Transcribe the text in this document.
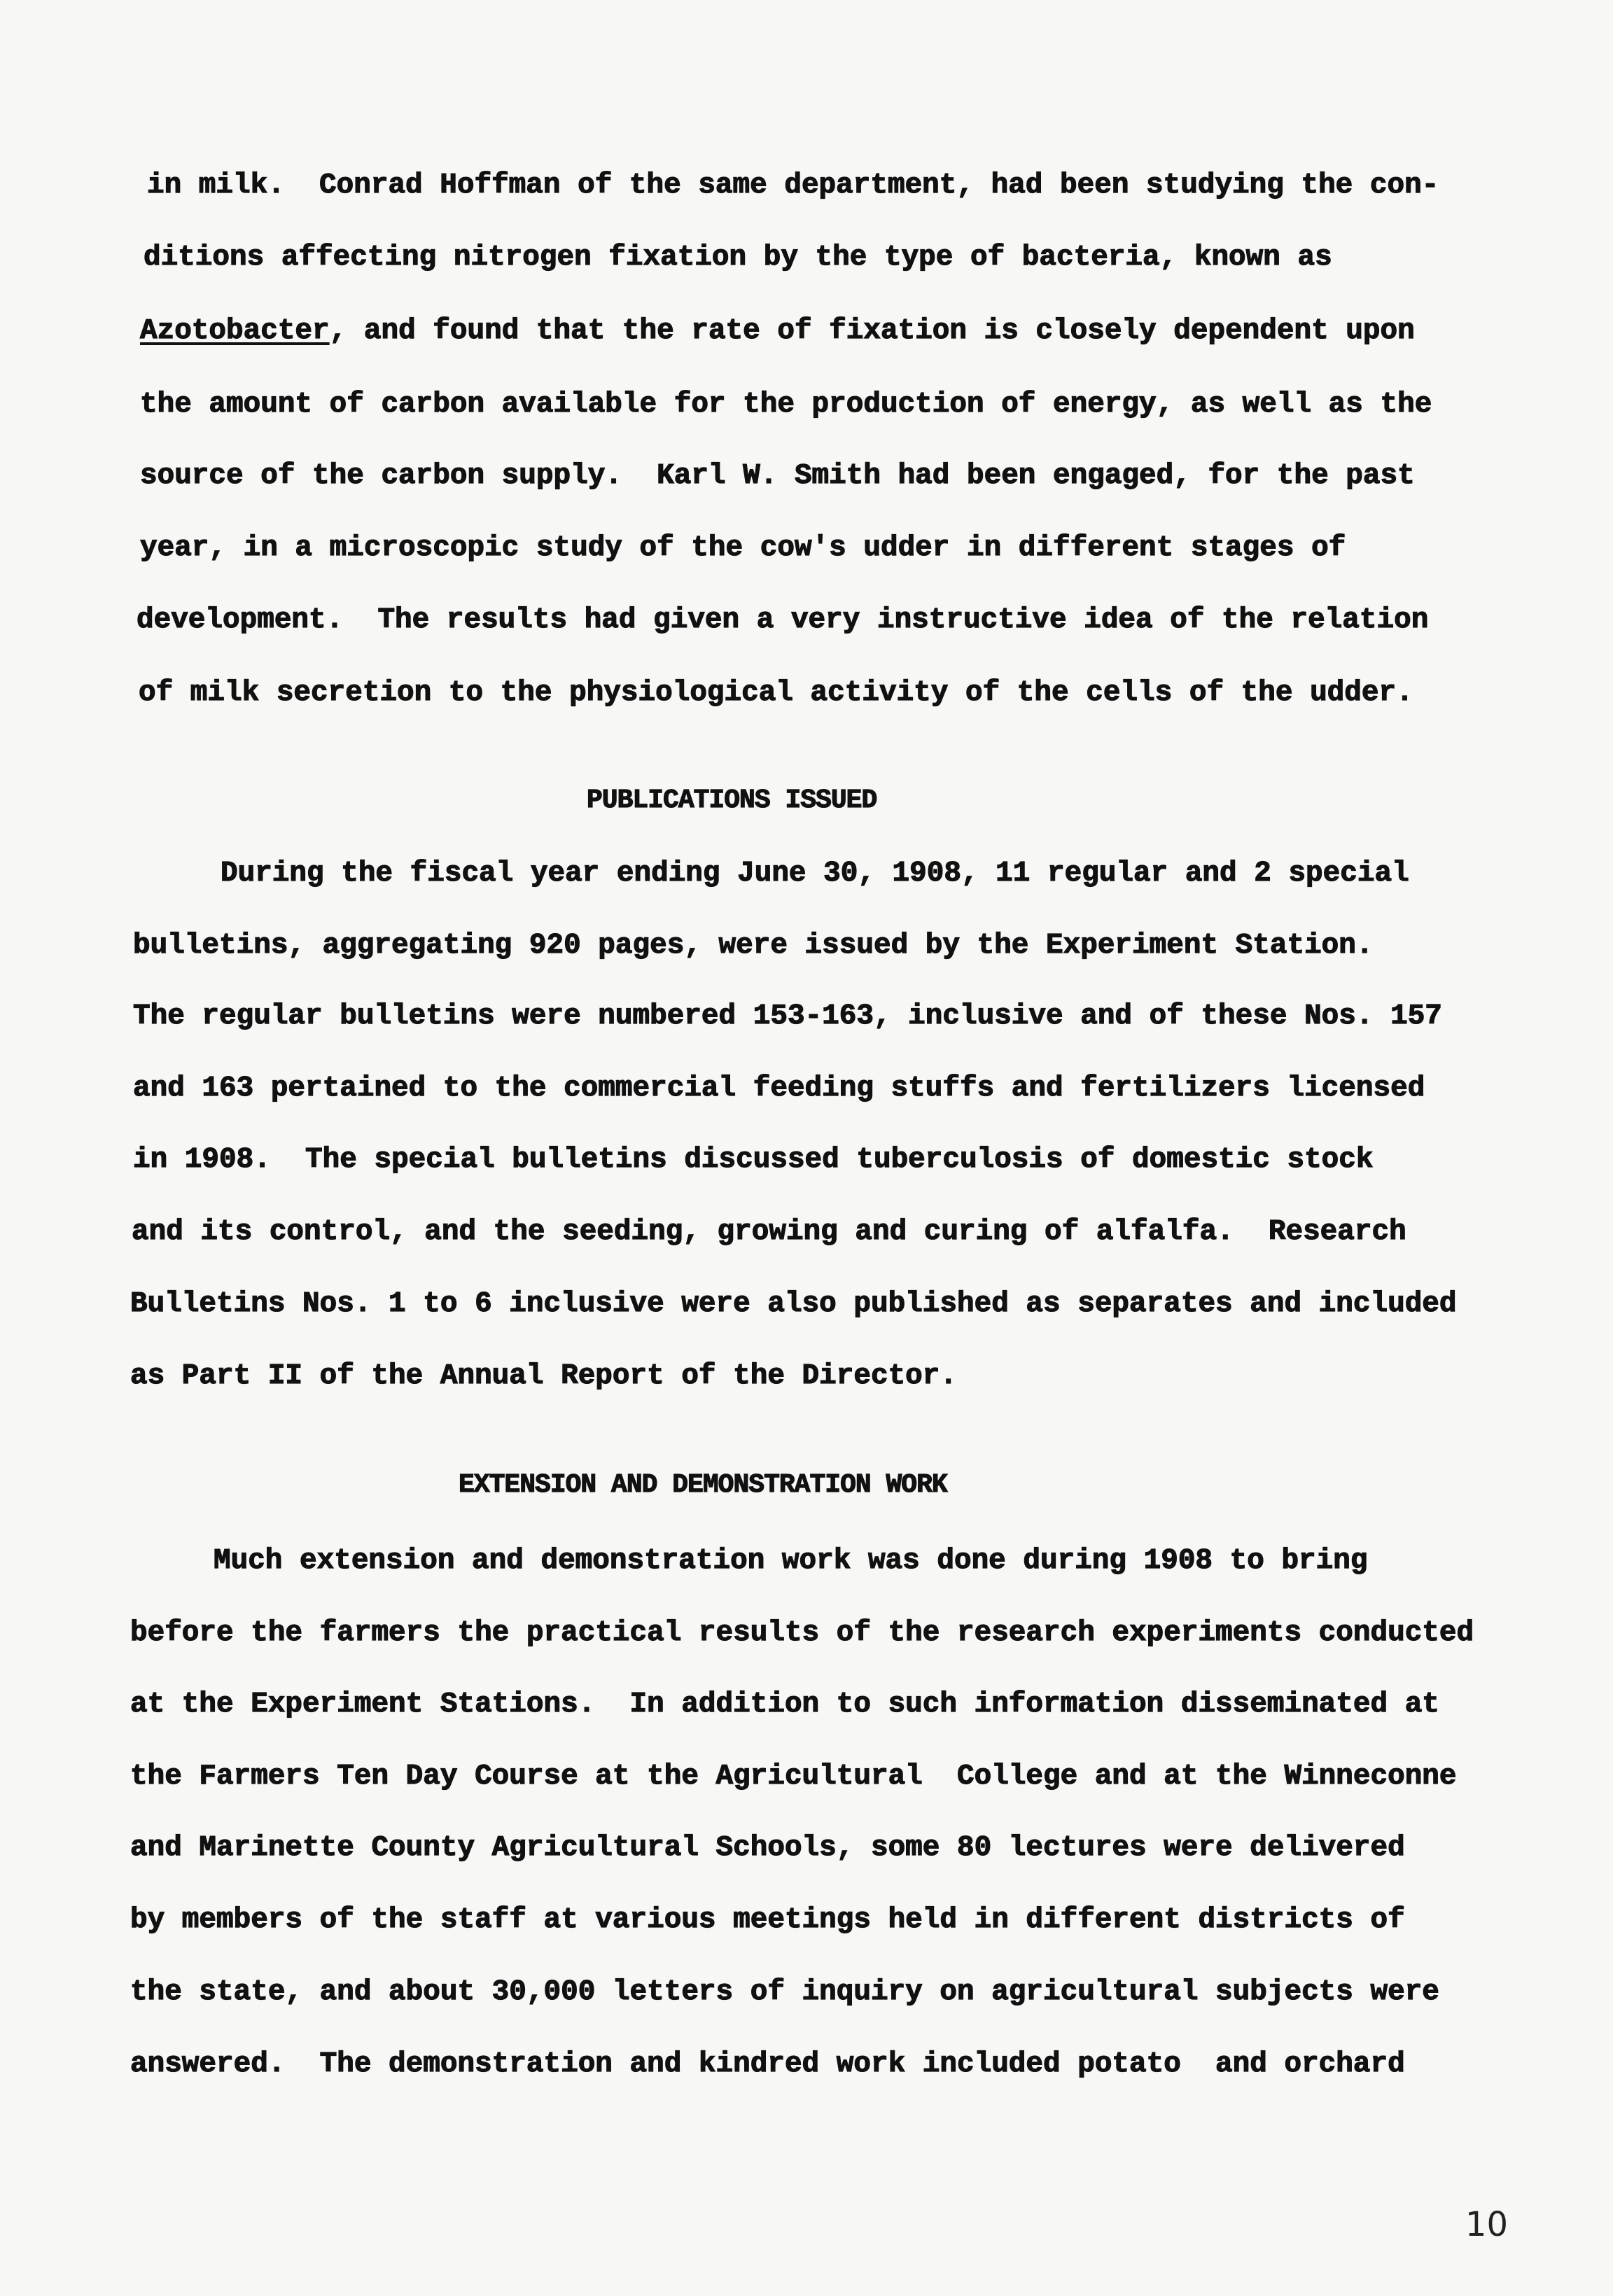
in milk.  Conrad Hoffman of the same department, had been studying the con-
ditions affecting nitrogen fixation by the type of bacteria, known as
Azotobacter, and found that the rate of fixation is closely dependent upon
the amount of carbon available for the production of energy, as well as the
source of the carbon supply.  Karl W. Smith had been engaged, for the past
year, in a microscopic study of the cow's udder in different stages of
development.  The results had given a very instructive idea of the relation
of milk secretion to the physiological activity of the cells of the udder.
PUBLICATIONS ISSUED
During the fiscal year ending June 30, 1908, 11 regular and 2 special
bulletins, aggregating 920 pages, were issued by the Experiment Station.
The regular bulletins were numbered 153-163, inclusive and of these Nos. 157
and 163 pertained to the commercial feeding stuffs and fertilizers licensed
in 1908.  The special bulletins discussed tuberculosis of domestic stock
and its control, and the seeding, growing and curing of alfalfa.  Research
Bulletins Nos. 1 to 6 inclusive were also published as separates and included
as Part II of the Annual Report of the Director.
EXTENSION AND DEMONSTRATION WORK
Much extension and demonstration work was done during 1908 to bring
before the farmers the practical results of the research experiments conducted
at the Experiment Stations.  In addition to such information disseminated at
the Farmers Ten Day Course at the Agricultural  College and at the Winneconne
and Marinette County Agricultural Schools, some 80 lectures were delivered
by members of the staff at various meetings held in different districts of
the state, and about 30,000 letters of inquiry on agricultural subjects were
answered.  The demonstration and kindred work included potato  and orchard
10
